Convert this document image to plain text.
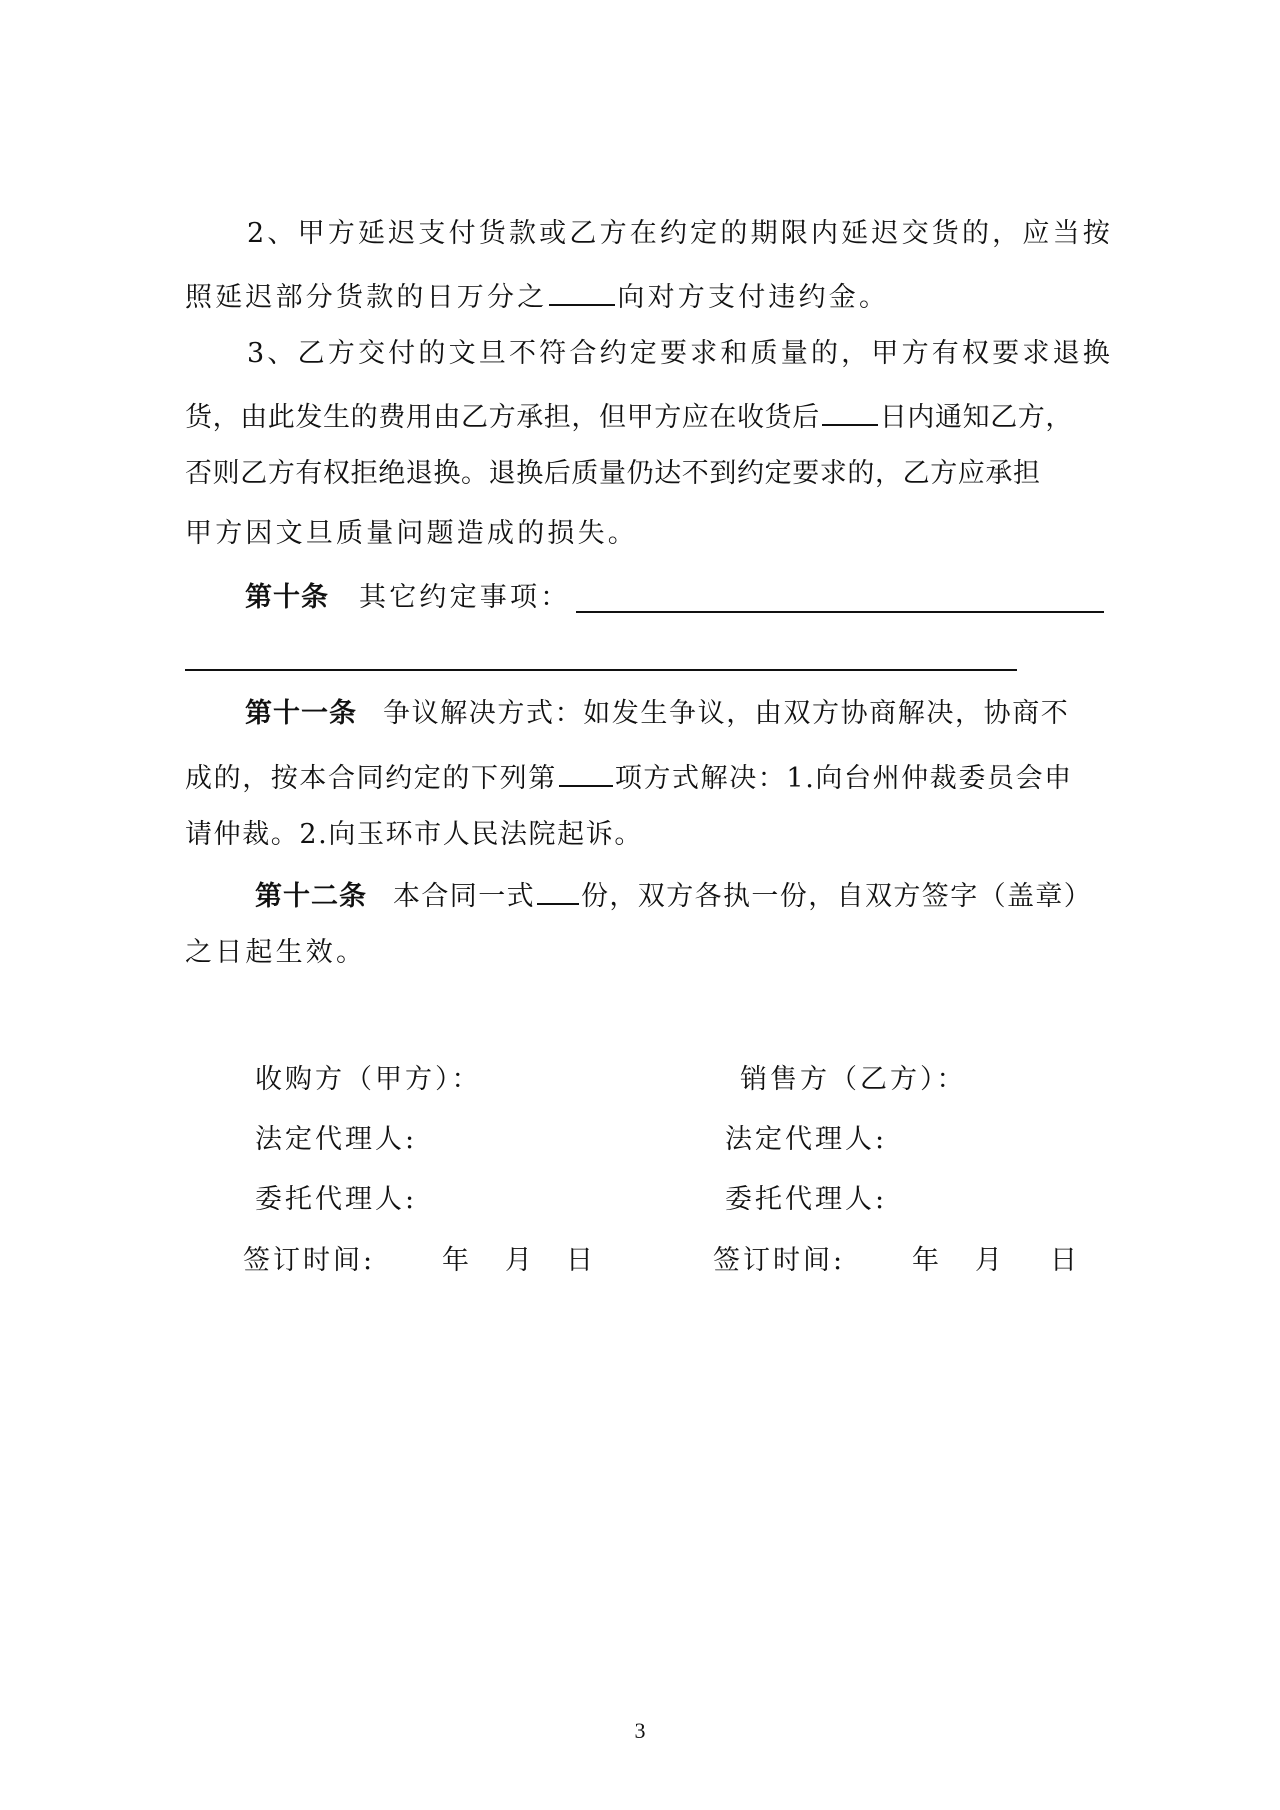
2、甲方延迟支付货款或乙方在约定的期限内延迟交货的，应当按
照延迟部分货款的日万分之	向对方支付违约金。
3、乙方交付的文旦不符合约定要求和质量的，甲方有权要求退换
货，由此发生的费用由乙方承担，但甲方应在收货后 日内通知乙方，
否则乙方有权拒绝退换。退换后质量仍达不到约定要求的，乙方应承担
甲方因文旦质量问题造成的损失。
第十条 其它约定事项：
第十一条 争议解决方式：如发生争议，由双方协商解决，协商不
成的，按本合同约定的下列第 项方式解决：1.向台州仲裁委员会申
请仲裁。2.向玉环市人民法院起诉。
第十二条 本合同一式 份，双方各执一份，自双方签字（盖章）
之日起生效。
收购方（甲方）：
法定代理人:
委托代理人:
签订时间: 年 月 日
销售方（乙方）：
法定代理人:
委托代理人:
签订时间: 年 月 日
3
